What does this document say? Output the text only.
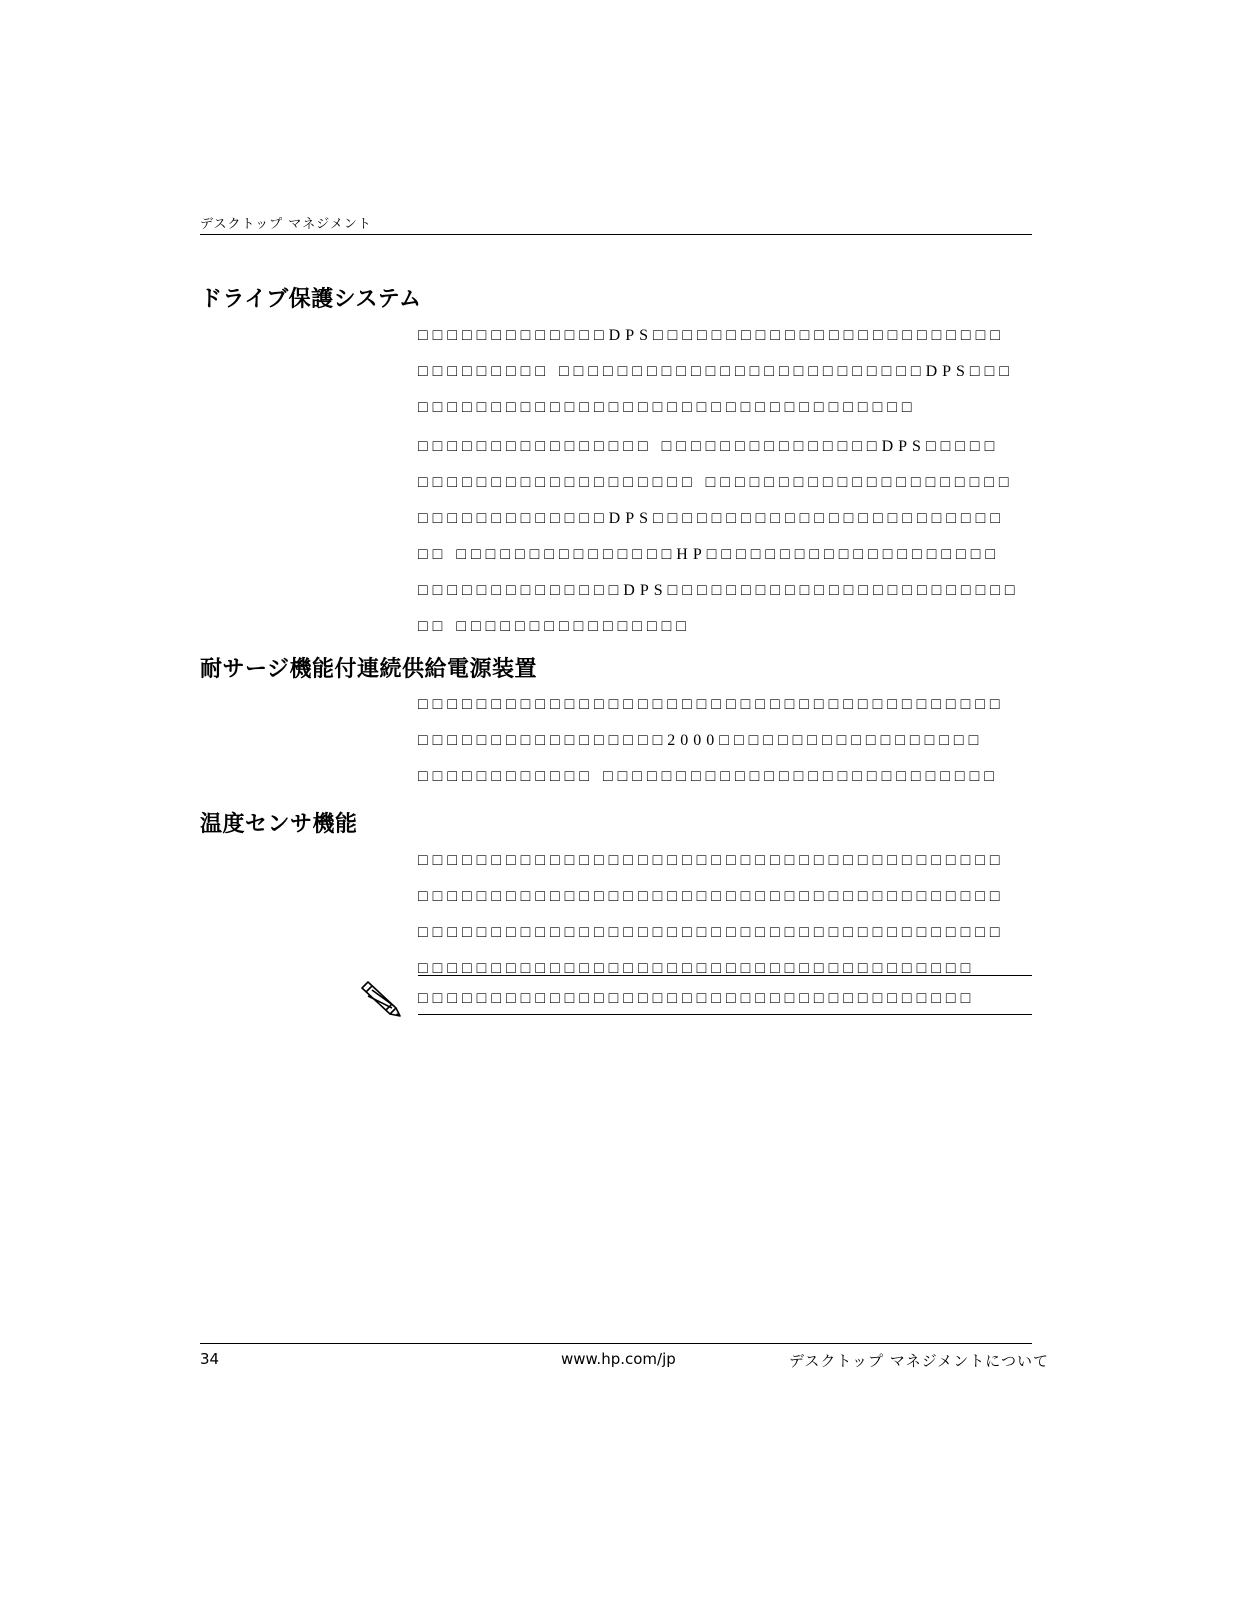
デスクトップ マネジメント
ドライブ保護システム
□□□□□□□□□□□□□DPS□□□□□□□□□□□□□□□□□□□□□□□□
□□□□□□□□□ □□□□□□□□□□□□□□□□□□□□□□□□□DPS□□□
□□□□□□□□□□□□□□□□□□□□□□□□□□□□□□□□□□
□□□□□□□□□□□□□□□□ □□□□□□□□□□□□□□□DPS□□□□□
□□□□□□□□□□□□□□□□□□□ □□□□□□□□□□□□□□□□□□□□□
□□□□□□□□□□□□□DPS□□□□□□□□□□□□□□□□□□□□□□□□
□□ □□□□□□□□□□□□□□□HP□□□□□□□□□□□□□□□□□□□□
□□□□□□□□□□□□□□DPS□□□□□□□□□□□□□□□□□□□□□□□□
□□ □□□□□□□□□□□□□□□□
耐サージ機能付連続供給電源装置
□□□□□□□□□□□□□□□□□□□□□□□□□□□□□□□□□□□□□□□□
□□□□□□□□□□□□□□□□□2000□□□□□□□□□□□□□□□□□□
□□□□□□□□□□□□ □□□□□□□□□□□□□□□□□□□□□□□□□□□
温度センサ機能
□□□□□□□□□□□□□□□□□□□□□□□□□□□□□□□□□□□□□□□□
□□□□□□□□□□□□□□□□□□□□□□□□□□□□□□□□□□□□□□□□
□□□□□□□□□□□□□□□□□□□□□□□□□□□□□□□□□□□□□□□□
□□□□□□□□□□□□□□□□□□□□□□□□□□□□□□□□□□□□□□
□□□□□□□□□□□□□□□□□□□□□□□□□□□□□□□□□□□□□□
34	www.hp.com/jp	デスクトップ マネジメントについて
